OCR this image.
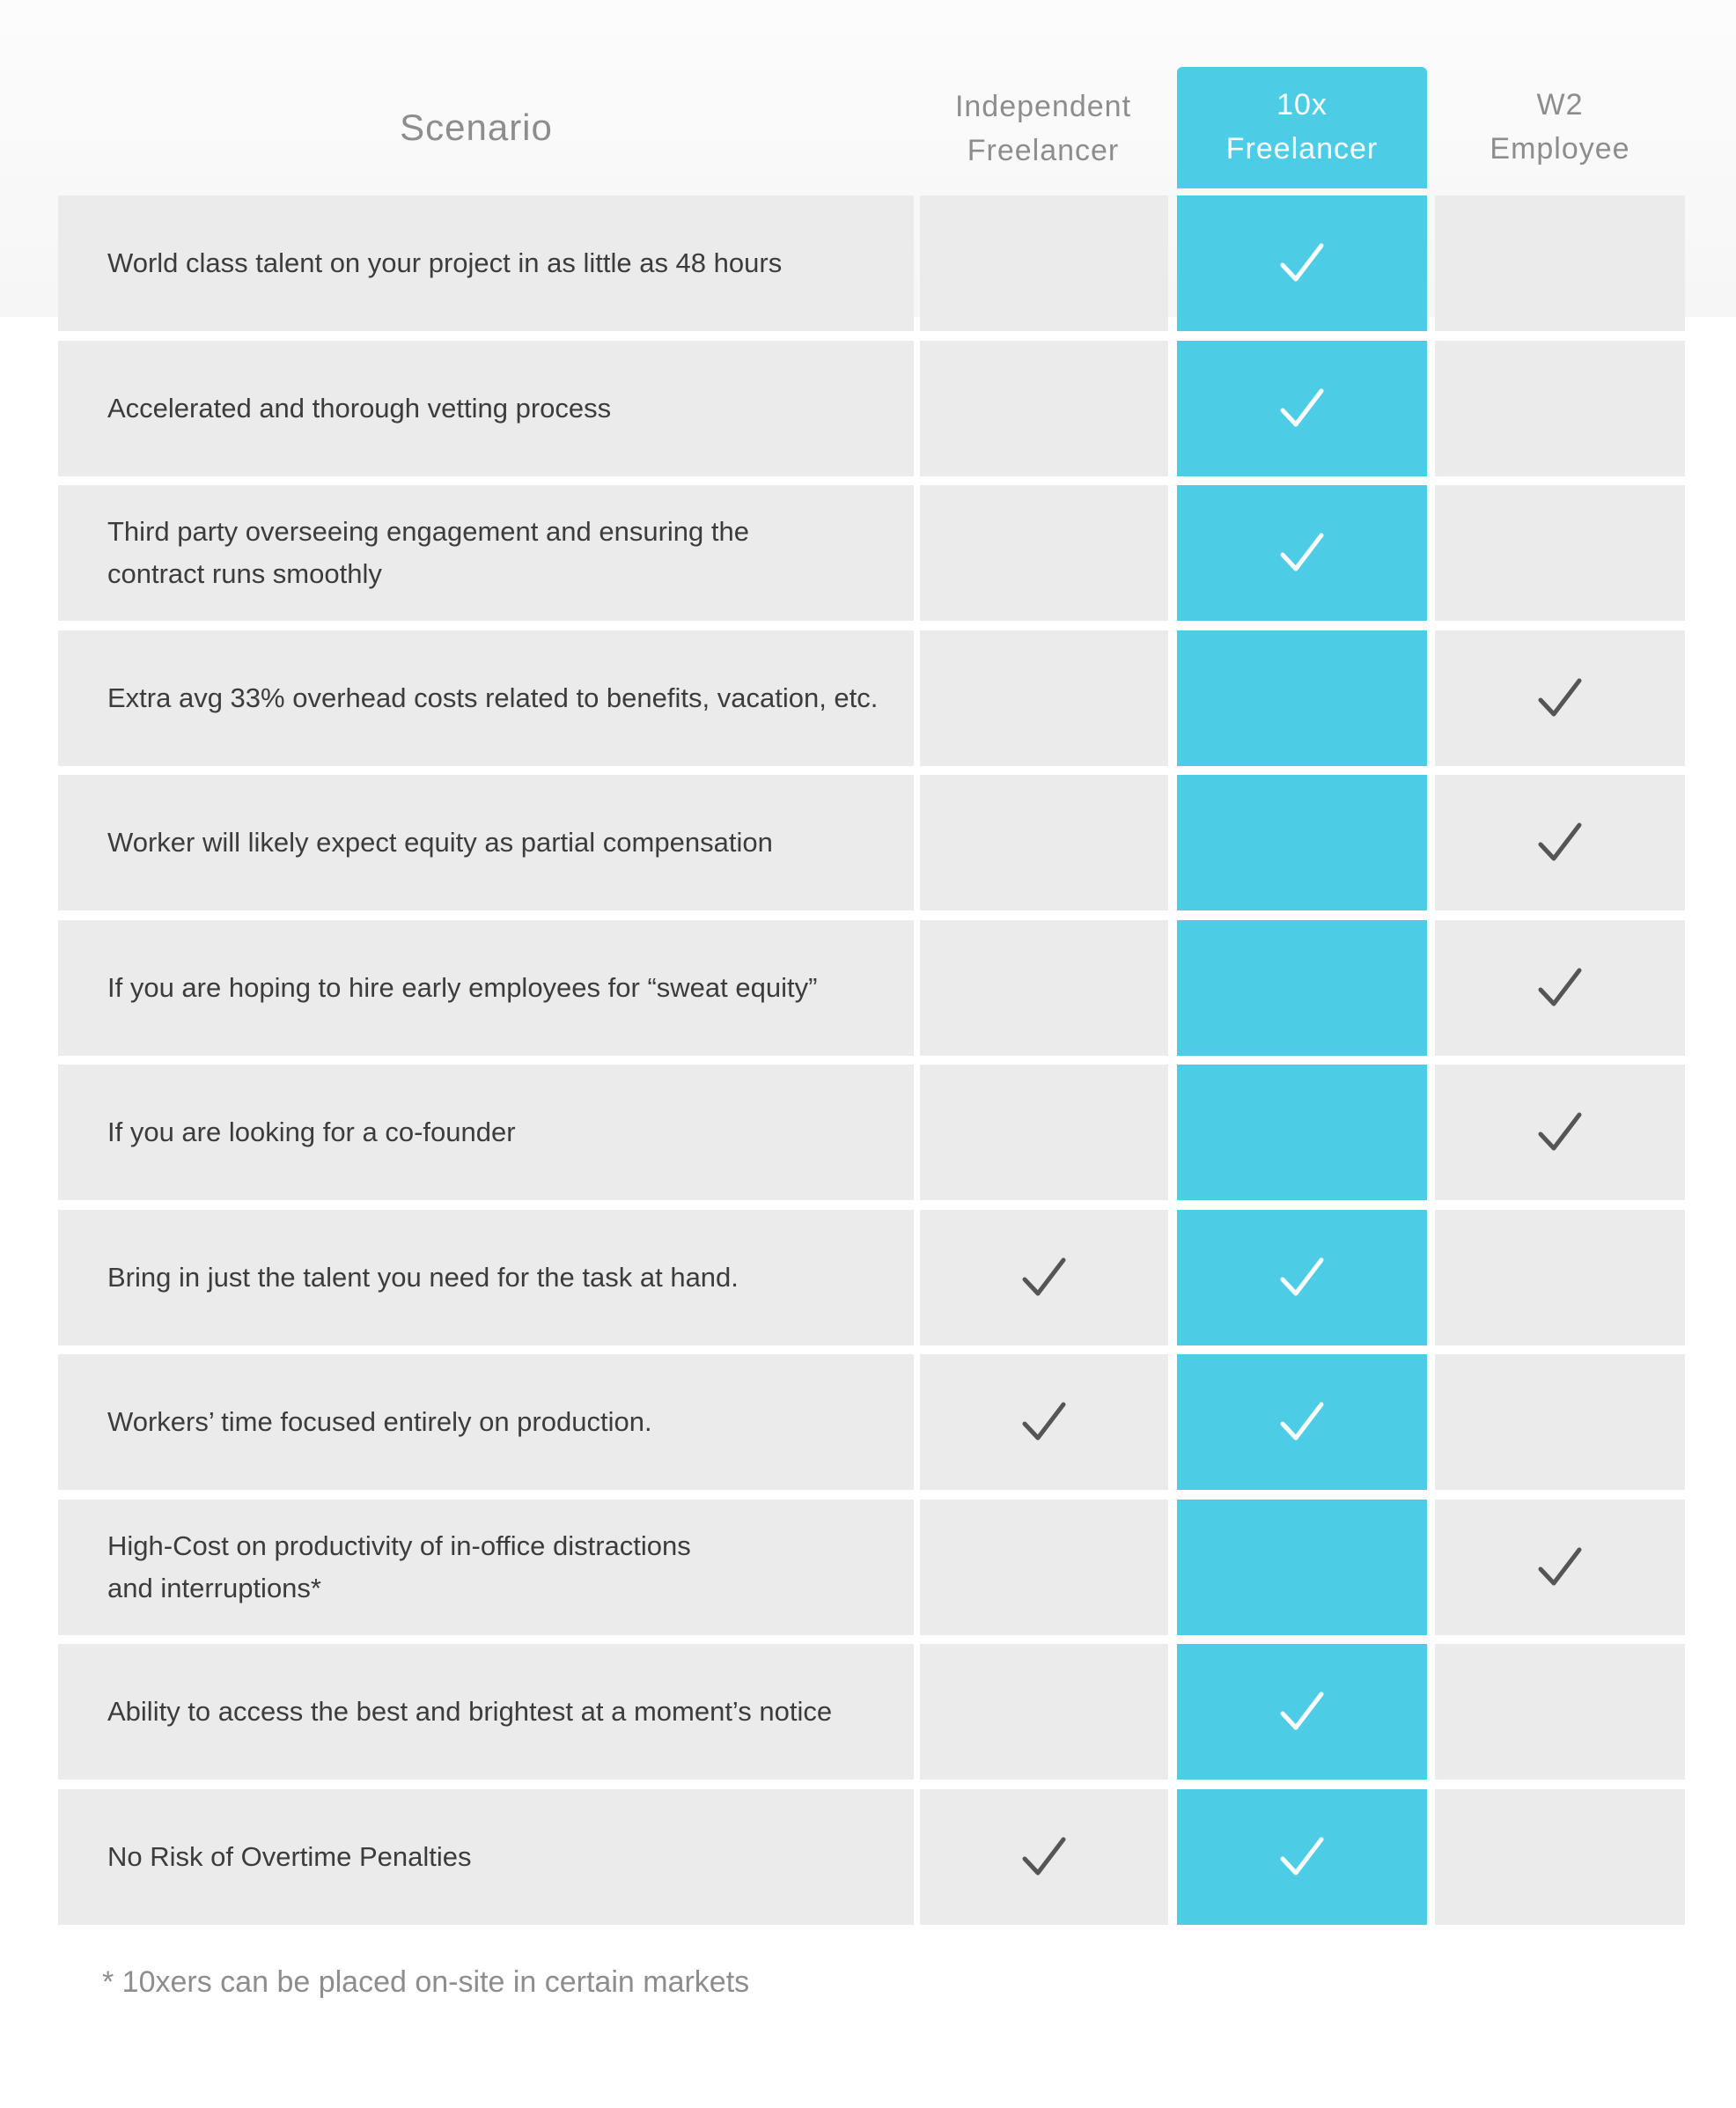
Scenario	Independent
Freelancer
10x
Freelancer
W2
Employee
World class talent on your project in as little as 48 hours
Accelerated and thorough vetting process
Third party overseeing engagement and ensuring the
contract runs smoothly
Extra avg 33% overhead costs related to benefits, vacation, etc.
Worker will likely expect equity as partial compensation
If you are hoping to hire early employees for “sweat equity”
If you are looking for a co-founder
Bring in just the talent you need for the task at hand.
Workers’ time focused entirely on production.
High-Cost on productivity of in-office distractions
and interruptions*
Ability to access the best and brightest at a moment’s notice
No Risk of Overtime Penalties
* 10xers can be placed on-site in certain markets
